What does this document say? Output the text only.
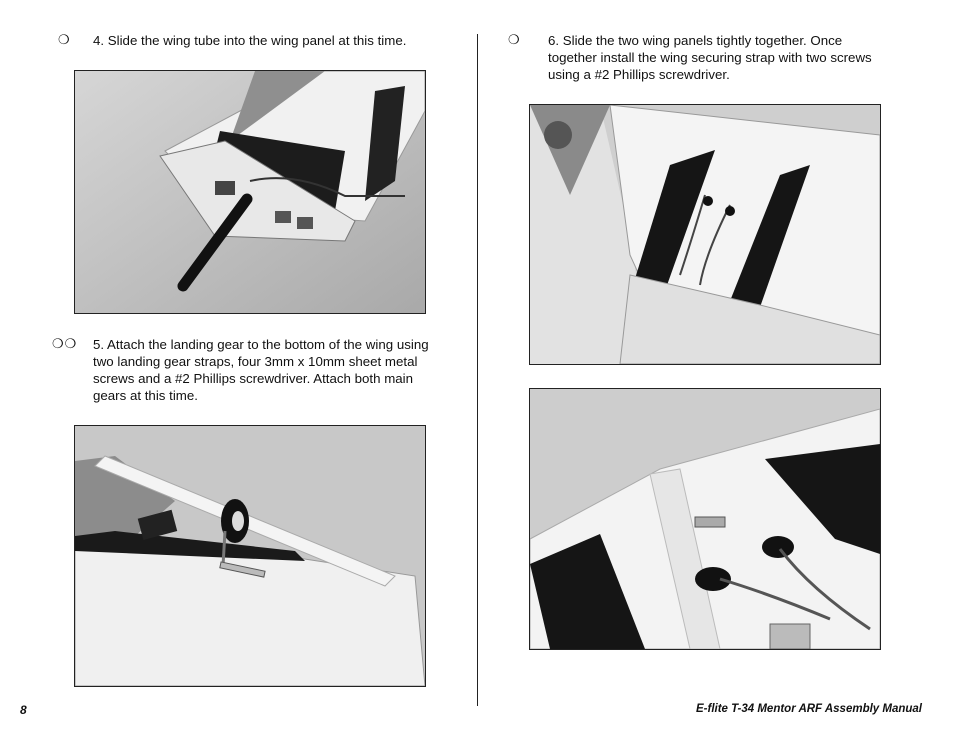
❍ 4. Slide the wing tube into the wing panel at this time.
❍❍ 5. Attach the landing gear to the bottom of the wing using two landing gear straps, four 3mm x 10mm sheet metal screws and a #2 Phillips screwdriver. Attach both main gears at this time.
❍ 6. Slide the two wing panels tightly together. Once together install the wing securing strap with two screws using a #2 Phillips screwdriver.
8	E-flite T-34 Mentor ARF Assembly Manual
